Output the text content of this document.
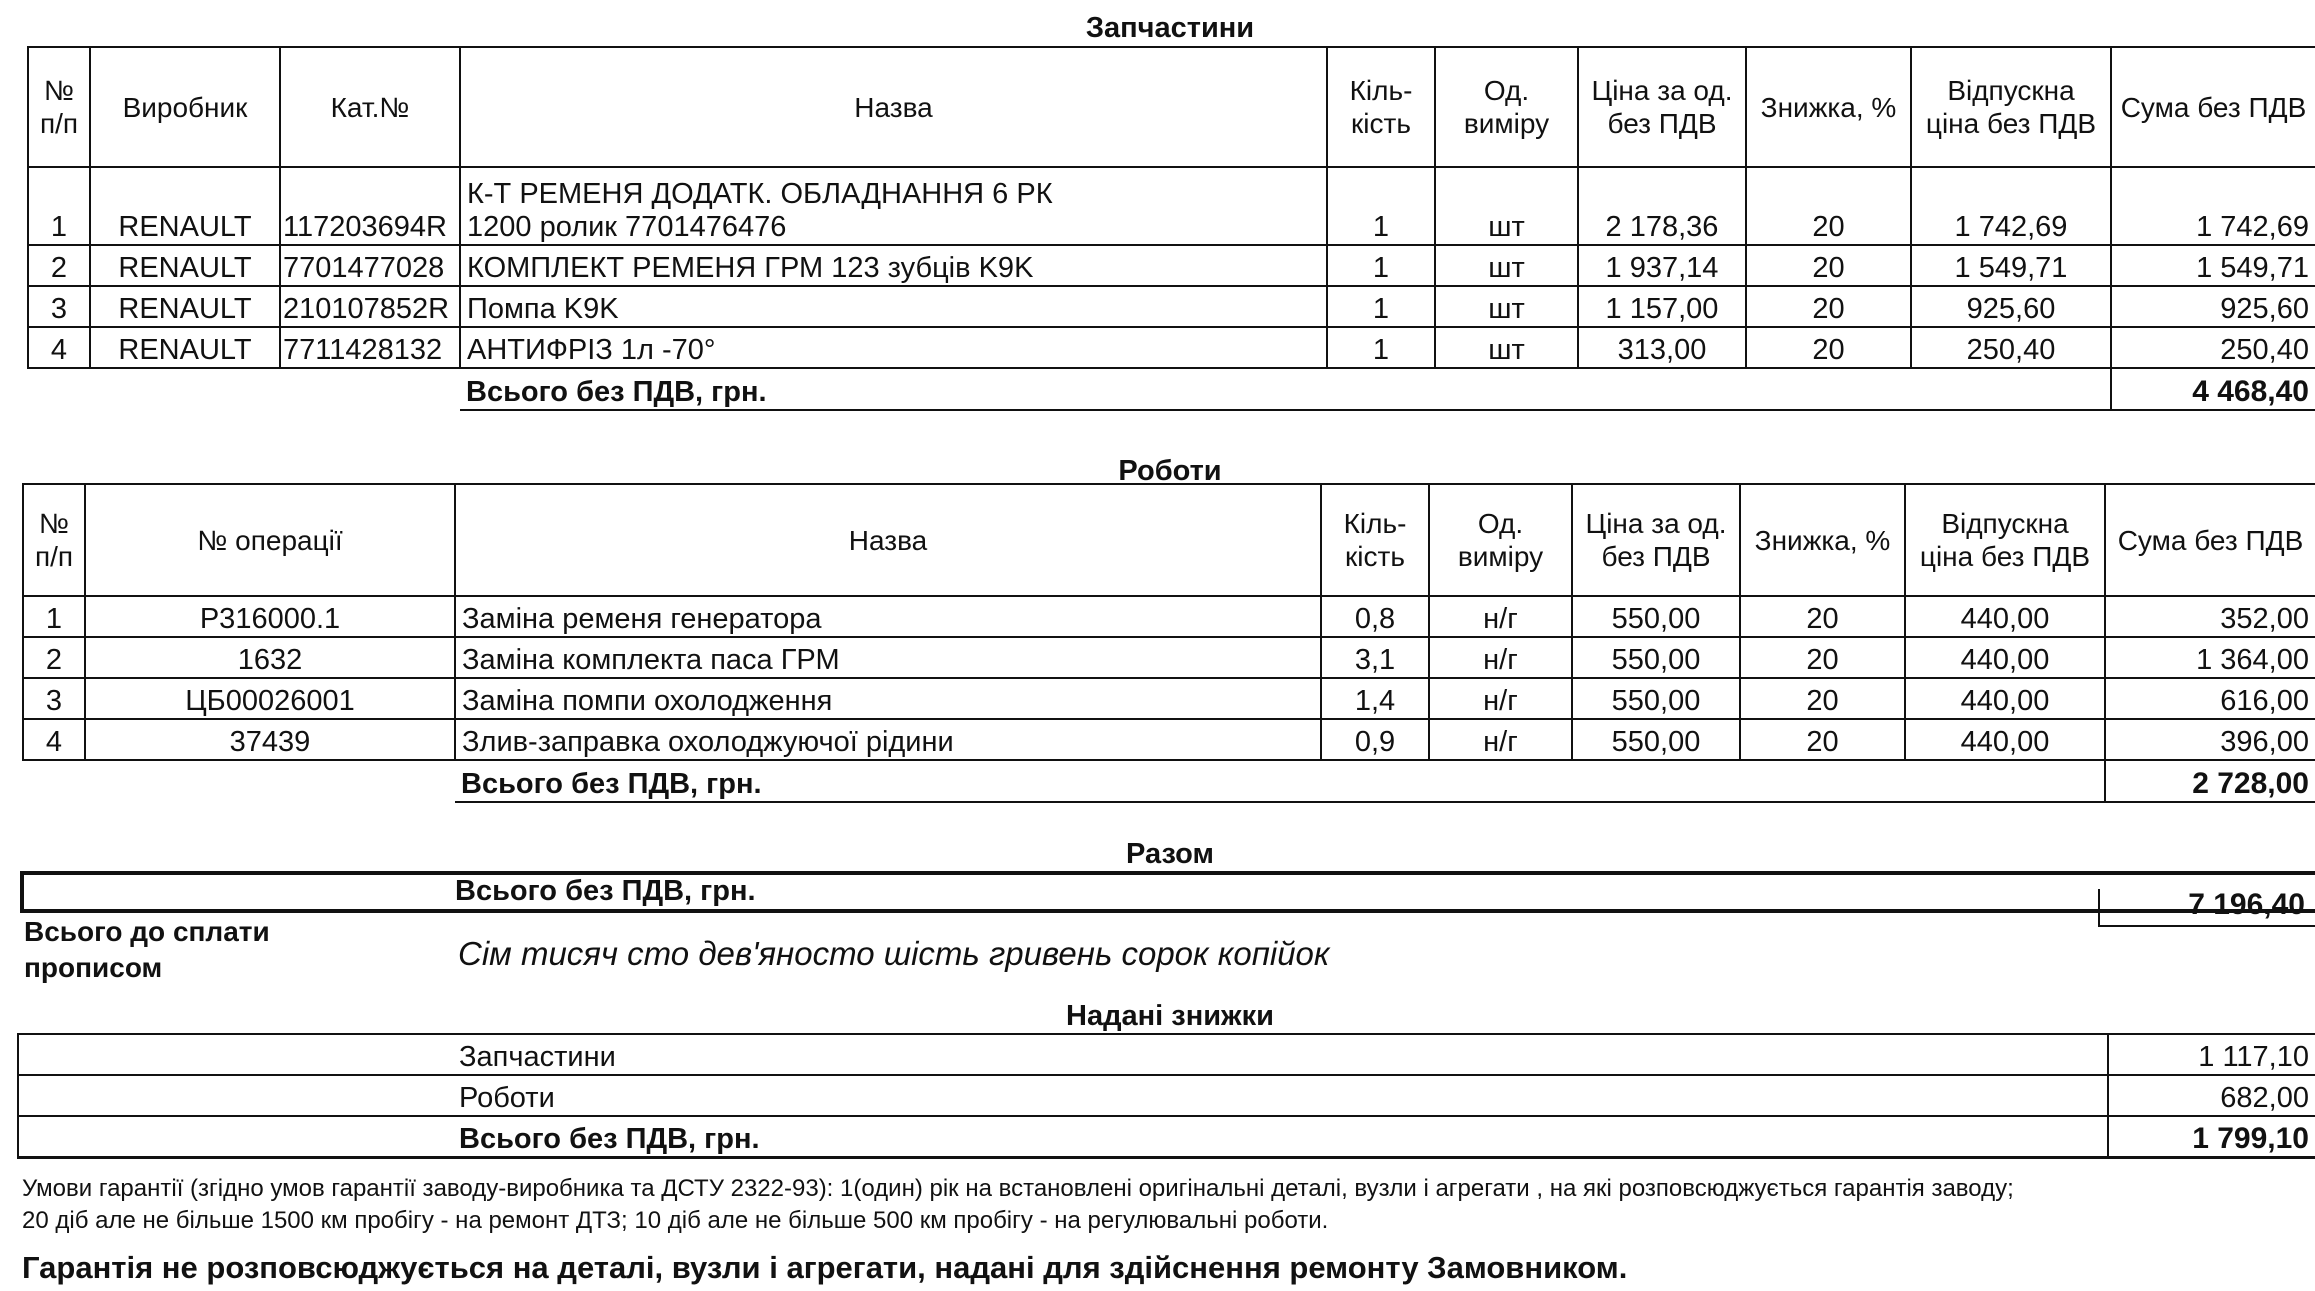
Запчастини
№ п/п	Виробник	Кат.№	Назва	Кіль-кість	Од. виміру	Ціна за од. без ПДВ	Знижка, %	Відпускна ціна без ПДВ	Сума без ПДВ
1	RENAULT	117203694R	К-Т РЕМЕНЯ ДОДАТК. ОБЛАДНАННЯ 6 РК 1200 ролик 7701476476	1	шт	2 178,36	20	1 742,69	1 742,69
2	RENAULT	7701477028	КОМПЛЕКТ РЕМЕНЯ ГРМ 123 зубців K9K	1	шт	1 937,14	20	1 549,71	1 549,71
3	RENAULT	210107852R	Помпа K9K	1	шт	1 157,00	20	925,60	925,60
4	RENAULT	7711428132	АНТИФРІЗ 1л -70°	1	шт	313,00	20	250,40	250,40
			Всього без ПДВ, грн.						4 468,40
Роботи
№ п/п	№ операції	Назва	Кіль-кість	Од. виміру	Ціна за од. без ПДВ	Знижка, %	Відпускна ціна без ПДВ	Сума без ПДВ
1	P316000.1	Заміна ременя генератора	0,8	н/г	550,00	20	440,00	352,00
2	1632	Заміна комплекта паса ГРМ	3,1	н/г	550,00	20	440,00	1 364,00
3	ЦБ00026001	Заміна помпи охолодження	1,4	н/г	550,00	20	440,00	616,00
4	37439	Злив-заправка охолоджуючої рідини	0,9	н/г	550,00	20	440,00	396,00
		Всього без ПДВ, грн.						2 728,00
Разом
Всього без ПДВ, грн.	7 196,40
Всього до сплати
прописом	Сім тисяч сто дев'яносто шість гривень сорок копійок
Надані знижки
	Запчастини	1 117,10
	Роботи	682,00
	Всього без ПДВ, грн.	1 799,10
Умови гарантії (згідно умов гарантії заводу-виробника та ДСТУ 2322-93): 1(один) рік на встановлені оригінальні деталі, вузли і агрегати , на які розповсюджується гарантія заводу;
20 діб але не більше 1500 км пробігу - на ремонт ДТЗ; 10 діб але не більше 500 км пробігу - на регулювальні роботи.
Гарантія не розповсюджується на деталі, вузли і агрегати, надані для здійснення ремонту Замовником.
